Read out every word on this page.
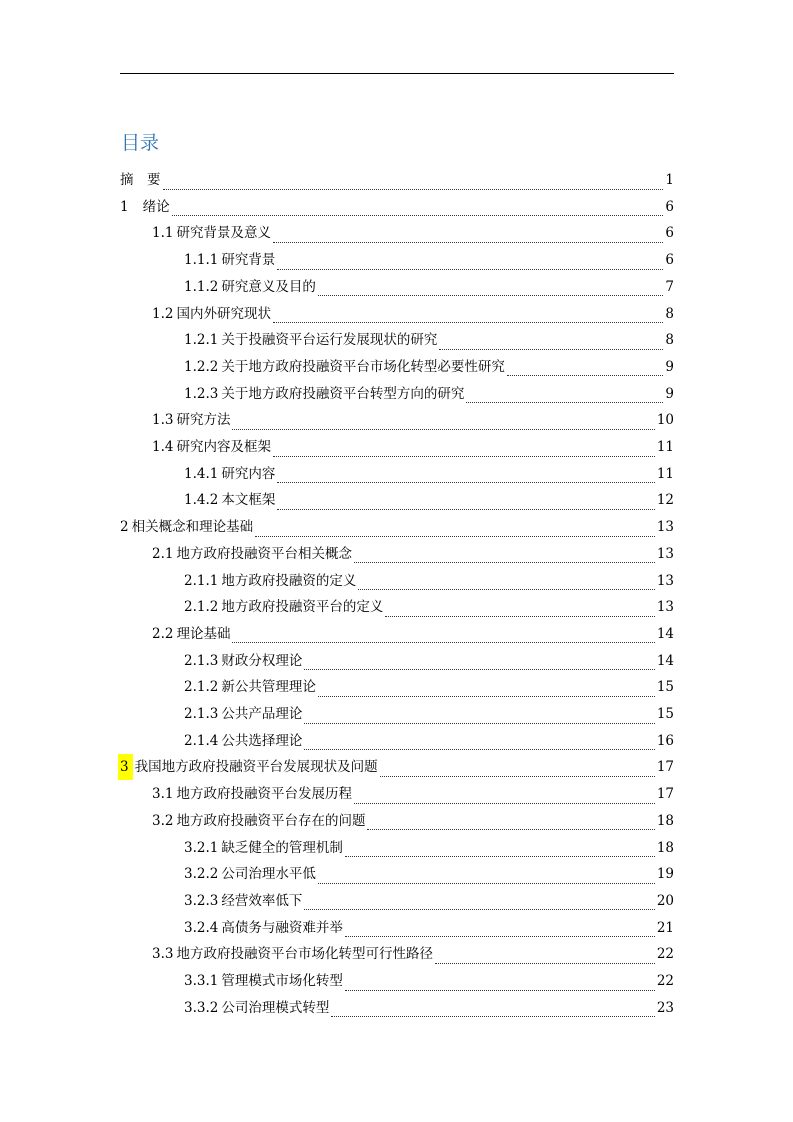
目录
摘　要	1
1 绪论	6
1.1 研究背景及意义	6
1.1.1 研究背景	6
1.1.2 研究意义及目的	7
1.2 国内外研究现状	8
1.2.1 关于投融资平台运行发展现状的研究	8
1.2.2 关于地方政府投融资平台市场化转型必要性研究	9
1.2.3 关于地方政府投融资平台转型方向的研究	9
1.3 研究方法	10
1.4 研究内容及框架	11
1.4.1 研究内容	11
1.4.2 本文框架	12
2 相关概念和理论基础	13
2.1 地方政府投融资平台相关概念	13
2.1.1 地方政府投融资的定义	13
2.1.2 地方政府投融资平台的定义	13
2.2 理论基础	14
2.1.3 财政分权理论	14
2.1.2 新公共管理理论	15
2.1.3 公共产品理论	15
2.1.4 公共选择理论	16
3 我国地方政府投融资平台发展现状及问题	17
3.1 地方政府投融资平台发展历程	17
3.2 地方政府投融资平台存在的问题	18
3.2.1 缺乏健全的管理机制	18
3.2.2 公司治理水平低	19
3.2.3 经营效率低下	20
3.2.4 高债务与融资难并举	21
3.3 地方政府投融资平台市场化转型可行性路径	22
3.3.1 管理模式市场化转型	22
3.3.2 公司治理模式转型	23
